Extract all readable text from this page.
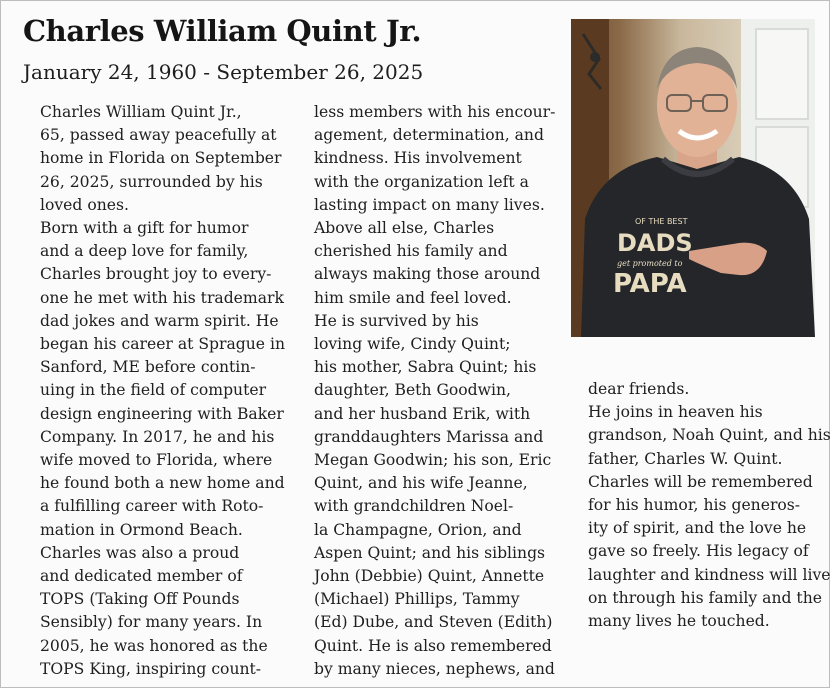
Charles William Quint Jr.
January 24, 1960 - September 26, 2025

Charles William Quint Jr.,
65, passed away peacefully at
home in Florida on September
26, 2025, surrounded by his
loved ones.

Born with a gift for humor
and a deep love for family,
Charles brought joy to every-
one he met with his trademark
dad jokes and warm spirit. He
began his career at Sprague in
Sanford, ME before contin-
uing in the field of computer
design engineering with Baker
Company. In 2017, he and his
wife moved to Florida, where
he found both a new home and
a fulfilling career with Roto-
mation in Ormond Beach.

Charles was also a proud
and dedicated member of
TOPS (Taking Off Pounds
Sensibly) for many years. In
2005, he was honored as the
TOPS King, inspiring count-

less members with his encour-
agement, determination, and
kindness. His involvement
with the organization left a
lasting impact on many lives.

Above all else, Charles
cherished his family and
always making those around
him smile and feel loved.

He is survived by his
loving wife, Cindy Quint;
his mother, Sabra Quint; his
daughter, Beth Goodwin,
and her husband Erik, with
granddaughters Marissa and
Megan Goodwin; his son, Eric
Quint, and his wife Jeanne,
with grandchildren Noel-
la Champagne, Orion, and
Aspen Quint; and his siblings
John (Debbie) Quint, Annette
(Michael) Phillips, Tammy
(Ed) Dube, and Steven (Edith)
Quint. He is also remembered
by many nieces, nephews, and

OF THE BEST
DADS
get promoted to
PAPA

dear friends.

He joins in heaven his
grandson, Noah Quint, and his
father, Charles W. Quint.

Charles will be remembered
for his humor, his generos-
ity of spirit, and the love he
gave so freely. His legacy of
laughter and kindness will live
on through his family and the
many lives he touched.
